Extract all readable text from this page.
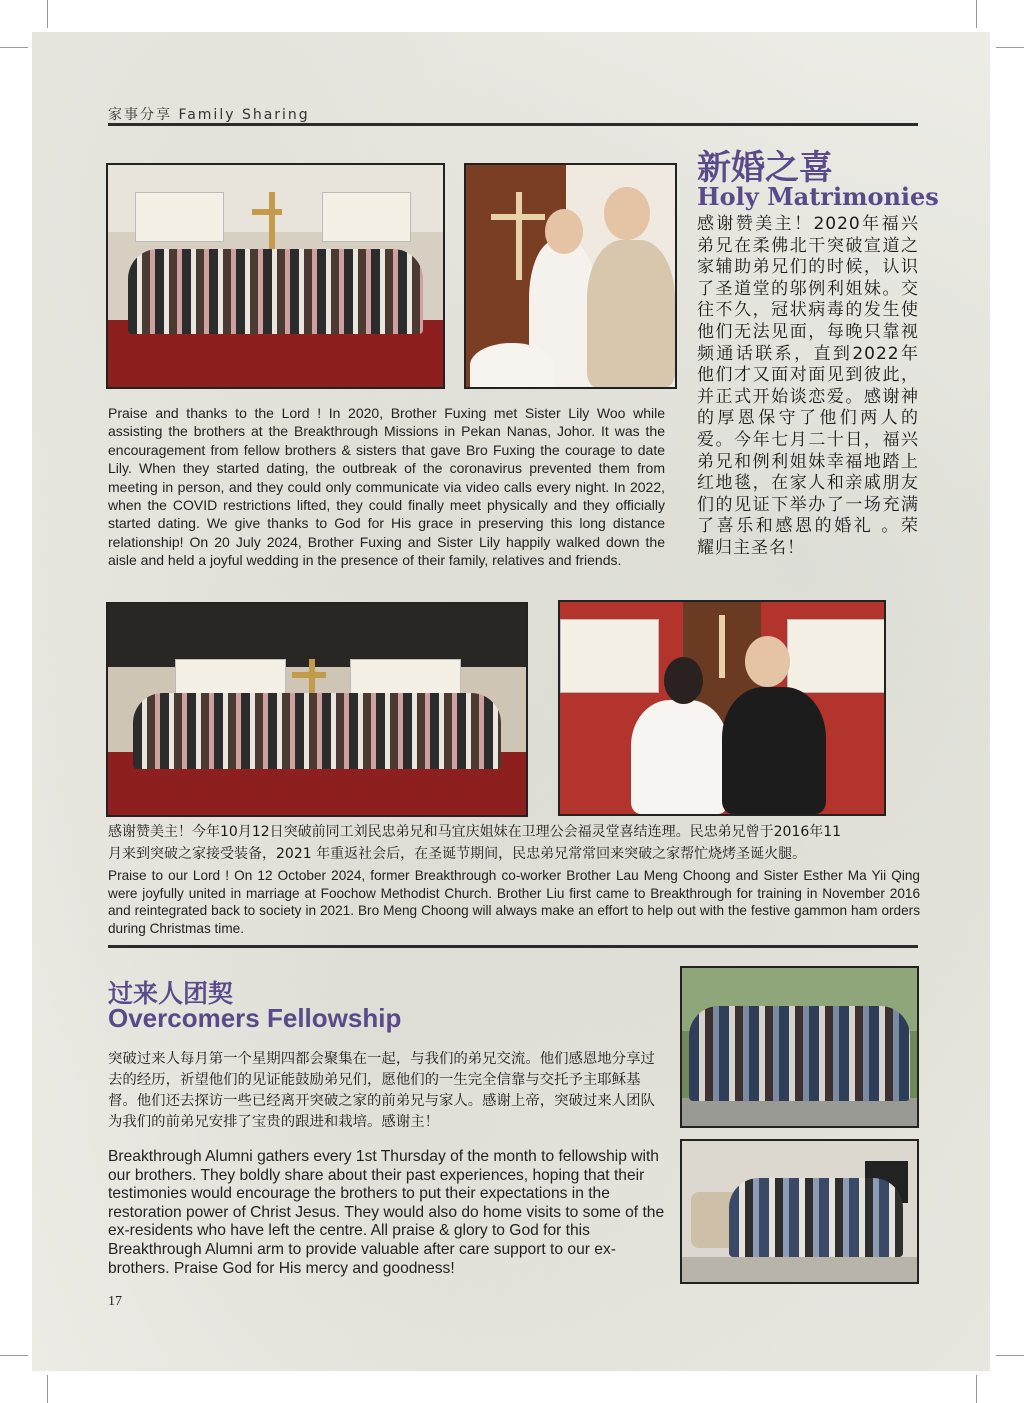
家事分享 Family Sharing
新婚之喜
Holy Matrimonies
感谢赞美主！2020年福兴弟兄在柔佛北干突破宣道之家辅助弟兄们的时候，认识了圣道堂的邬例利姐妹。交往不久，冠状病毒的发生使他们无法见面，每晚只靠视频通话联系，直到2022年他们才又面对面见到彼此，并正式开始谈恋爱。感谢神的厚恩保守了他们两人的爱。今年七月二十日，福兴弟兄和例利姐妹幸福地踏上红地毯，在家人和亲戚朋友们的见证下举办了一场充满了喜乐和感恩的婚礼 。荣耀归主圣名！
Praise and thanks to the Lord ! In 2020, Brother Fuxing met Sister Lily Woo while assisting the brothers at the Breakthrough Missions in Pekan Nanas, Johor. It was the encouragement from fellow brothers & sisters that gave Bro Fuxing the courage to date Lily. When they started dating, the outbreak of the coronavirus prevented them from meeting in person, and they could only communicate via video calls every night. In 2022, when the COVID restrictions lifted, they could finally meet physically and they officially started dating. We give thanks to God for His grace in preserving this long distance relationship! On 20 July 2024, Brother Fuxing and Sister Lily happily walked down the aisle and held a joyful wedding in the presence of their family, relatives and friends.
感谢赞美主！今年10月12日突破前同工刘民忠弟兄和马宜庆姐妹在卫理公会福灵堂喜结连理。民忠弟兄曾于2016年11
月来到突破之家接受装备，2021 年重返社会后，在圣诞节期间，民忠弟兄常常回来突破之家帮忙烧烤圣诞火腿。
Praise to our Lord ! On 12 October 2024, former Breakthrough co-worker Brother Lau Meng Choong and Sister Esther Ma Yii Qing were joyfully united in marriage at Foochow Methodist Church. Brother Liu first came to Breakthrough for training in November 2016 and reintegrated back to society in 2021. Bro Meng Choong will always make an effort to help out with the festive gammon ham orders during Christmas time.
过来人团契
Overcomers Fellowship
突破过来人每月第一个星期四都会聚集在一起，与我们的弟兄交流。他们感恩地分享过去的经历，祈望他们的见证能鼓励弟兄们，愿他们的一生完全信靠与交托予主耶稣基督。他们还去探访一些已经离开突破之家的前弟兄与家人。感谢上帝，突破过来人团队为我们的前弟兄安排了宝贵的跟进和栽培。感谢主！
Breakthrough Alumni gathers every 1st Thursday of the month to fellowship with our brothers. They boldly share about their past experiences, hoping that their testimonies would encourage the brothers to put their expectations in the restoration power of Christ Jesus. They would also do home visits to some of the ex-residents who have left the centre. All praise & glory to God for this Breakthrough Alumni arm to provide valuable after care support to our ex-brothers. Praise God for His mercy and goodness!
17
